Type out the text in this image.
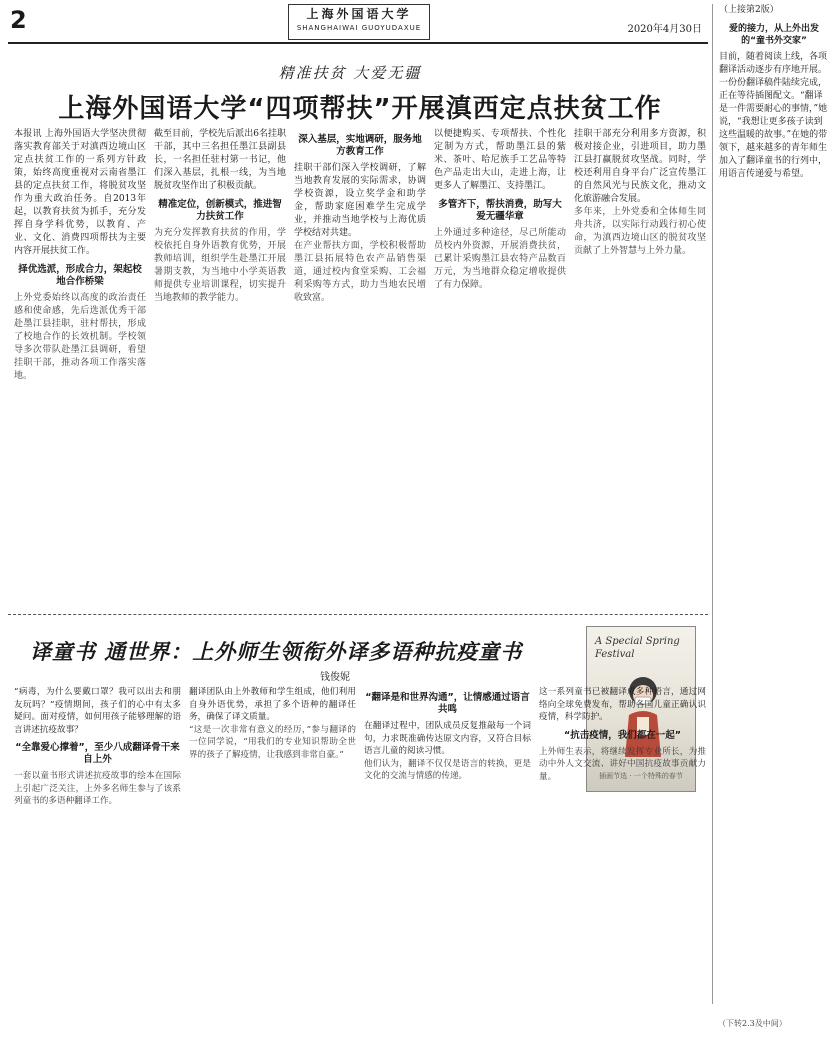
2	上海外国语大学
SHANGHAIWAI GUOYUDAXUE	2020年4月30日
精准扶贫 大爱无疆
上海外国语大学“四项帮扶”开展滇西定点扶贫工作

本报讯 上海外国语大学坚决贯彻落实教育部关于对滇西边境山区定点扶贫工作的一系列方针政策，始终高度重视对云南省墨江县的定点扶贫工作，将脱贫攻坚作为重大政治任务。自2013年起，以教育扶贫为抓手，充分发挥自身学科优势，以教育、产业、文化、消费四项帮扶为主要内容开展扶贫工作。

择优选派，形成合力，架起校地合作桥梁

上外党委始终以高度的政治责任感和使命感，先后选派优秀干部赴墨江县挂职，驻村帮扶，形成了校地合作的长效机制。学校领导多次带队赴墨江县调研，看望挂职干部，推动各项工作落实落地。

截至目前，学校先后派出6名挂职干部，其中三名担任墨江县副县长，一名担任驻村第一书记，他们深入基层，扎根一线，为当地脱贫攻坚作出了积极贡献。

精准定位，创新模式，推进智力扶贫工作

为充分发挥教育扶贫的作用，学校依托自身外语教育优势，开展教师培训，组织学生赴墨江开展暑期支教，为当地中小学英语教师提供专业培训课程，切实提升当地教师的教学能力。

深入基层，实地调研，服务地方教育工作

挂职干部们深入学校调研，了解当地教育发展的实际需求，协调学校资源，设立奖学金和助学金，帮助家庭困难学生完成学业，并推动当地学校与上海优质学校结对共建。

在产业帮扶方面，学校积极帮助墨江县拓展特色农产品销售渠道，通过校内食堂采购、工会福利采购等方式，助力当地农民增收致富。

以便捷购买、专项帮扶、个性化定制为方式，帮助墨江县的紫米、茶叶、哈尼族手工艺品等特色产品走出大山，走进上海，让更多人了解墨江、支持墨江。

多管齐下，帮扶消费，助写大爱无疆华章

上外通过多种途径，尽己所能动员校内外资源，开展消费扶贫，已累计采购墨江县农特产品数百万元，为当地群众稳定增收提供了有力保障。

挂职干部充分利用多方资源，积极对接企业，引进项目，助力墨江县打赢脱贫攻坚战。同时，学校还利用自身平台广泛宣传墨江的自然风光与民族文化，推动文化旅游融合发展。

多年来，上外党委和全体师生同舟共济，以实际行动践行初心使命，为滇西边境山区的脱贫攻坚贡献了上外智慧与上外力量。

（上接第2版）
爱的接力，从上外出发的“童书外交家”

目前，随着阅读上线，各项翻译活动逐步有序地开展。一份份翻译稿件陆续完成，正在等待插图配文。“翻译是一件需要耐心的事情，”她说，“我想让更多孩子读到这些温暖的故事。”在她的带领下，越来越多的青年师生加入了翻译童书的行列中，用语言传递爱与希望。

译童书 通世界：上外师生领衔外译多语种抗疫童书
钱俊妮
A Special Spring Festival
插画节选 · 一个特殊的春节

“病毒，为什么要戴口罩？我可以出去和朋友玩吗？”疫情期间，孩子们的心中有太多疑问。面对疫情，如何用孩子能够理解的语言讲述抗疫故事？

“全靠爱心撑着”，至少八成翻译骨干来自上外

一套以童书形式讲述抗疫故事的绘本在国际上引起广泛关注，上外多名师生参与了该系列童书的多语种翻译工作。

翻译团队由上外教师和学生组成，他们利用自身外语优势，承担了多个语种的翻译任务，确保了译文质量。

“这是一次非常有意义的经历，”参与翻译的一位同学说，“用我们的专业知识帮助全世界的孩子了解疫情，让我感到非常自豪。”

“翻译是和世界沟通”，让情感通过语言共鸣

在翻译过程中，团队成员反复推敲每一个词句，力求既准确传达原文内容，又符合目标语言儿童的阅读习惯。

他们认为，翻译不仅仅是语言的转换，更是文化的交流与情感的传递。

这一系列童书已被翻译成多种语言，通过网络向全球免费发布，帮助各国儿童正确认识疫情，科学防护。

“抗击疫情，我们都在一起”

上外师生表示，将继续发挥专业所长，为推动中外人文交流、讲好中国抗疫故事贡献力量。

（下转2.3及中间）
